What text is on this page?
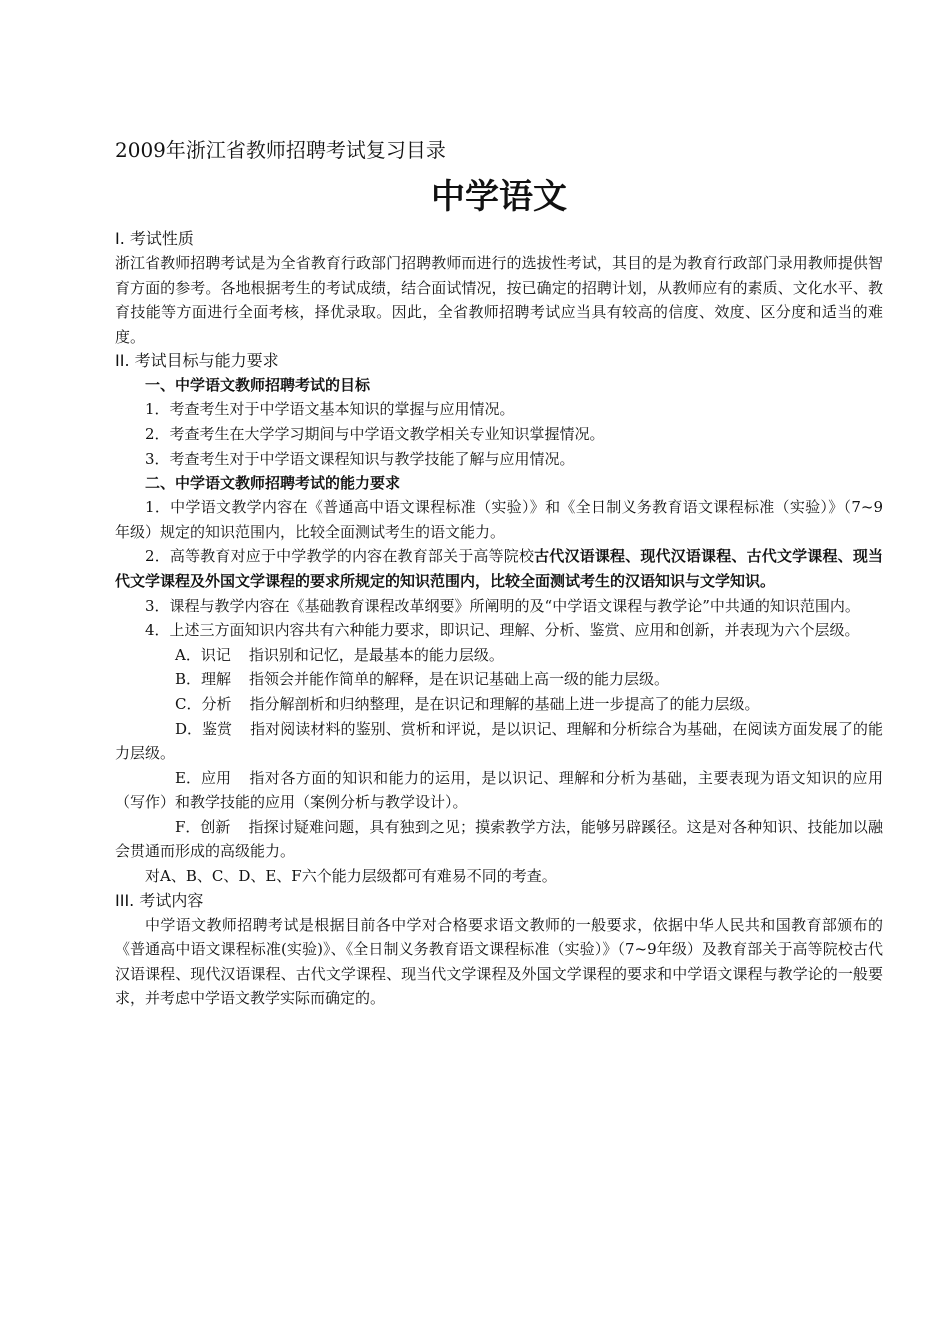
2009年浙江省教师招聘考试复习目录
中学语文
I. 考试性质

浙江省教师招聘考试是为全省教育行政部门招聘教师而进行的选拔性考试，其目的是为教育行政部门录用教师提供智育方面的参考。各地根据考生的考试成绩，结合面试情况，按已确定的招聘计划，从教师应有的素质、文化水平、教育技能等方面进行全面考核，择优录取。因此，全省教师招聘考试应当具有较高的信度、效度、区分度和适当的难度。

II. 考试目标与能力要求
一、中学语文教师招聘考试的目标

1．考查考生对于中学语文基本知识的掌握与应用情况。

2．考查考生在大学学习期间与中学语文教学相关专业知识掌握情况。

3．考查考生对于中学语文课程知识与教学技能了解与应用情况。

二、中学语文教师招聘考试的能力要求

1．中学语文教学内容在《普通高中语文课程标准（实验）》和《全日制义务教育语文课程标准（实验）》（7~9年级）规定的知识范围内，比较全面测试考生的语文能力。

2．高等教育对应于中学教学的内容在教育部关于高等院校古代汉语课程、现代汉语课程、古代文学课程、现当代文学课程及外国文学课程的要求所规定的知识范围内，比较全面测试考生的汉语知识与文学知识。

3．课程与教学内容在《基础教育课程改革纲要》所阐明的及“中学语文课程与教学论”中共通的知识范围内。

4．上述三方面知识内容共有六种能力要求，即识记、理解、分析、鉴赏、应用和创新，并表现为六个层级。

A．识记 指识别和记忆，是最基本的能力层级。

B．理解 指领会并能作简单的解释，是在识记基础上高一级的能力层级。

C．分析 指分解剖析和归纳整理，是在识记和理解的基础上进一步提高了的能力层级。

D．鉴赏 指对阅读材料的鉴别、赏析和评说，是以识记、理解和分析综合为基础，在阅读方面发展了的能力层级。

E．应用 指对各方面的知识和能力的运用，是以识记、理解和分析为基础，主要表现为语文知识的应用（写作）和教学技能的应用（案例分析与教学设计）。

F．创新 指探讨疑难问题，具有独到之见；摸索教学方法，能够另辟蹊径。这是对各种知识、技能加以融会贯通而形成的高级能力。

对A、B、C、D、E、F六个能力层级都可有难易不同的考查。

III. 考试内容

中学语文教师招聘考试是根据目前各中学对合格要求语文教师的一般要求，依据中华人民共和国教育部颁布的《普通高中语文课程标准(实验)》、《全日制义务教育语文课程标准（实验）》（7~9年级）及教育部关于高等院校古代汉语课程、现代汉语课程、古代文学课程、现当代文学课程及外国文学课程的要求和中学语文课程与教学论的一般要求，并考虑中学语文教学实际而确定的。
